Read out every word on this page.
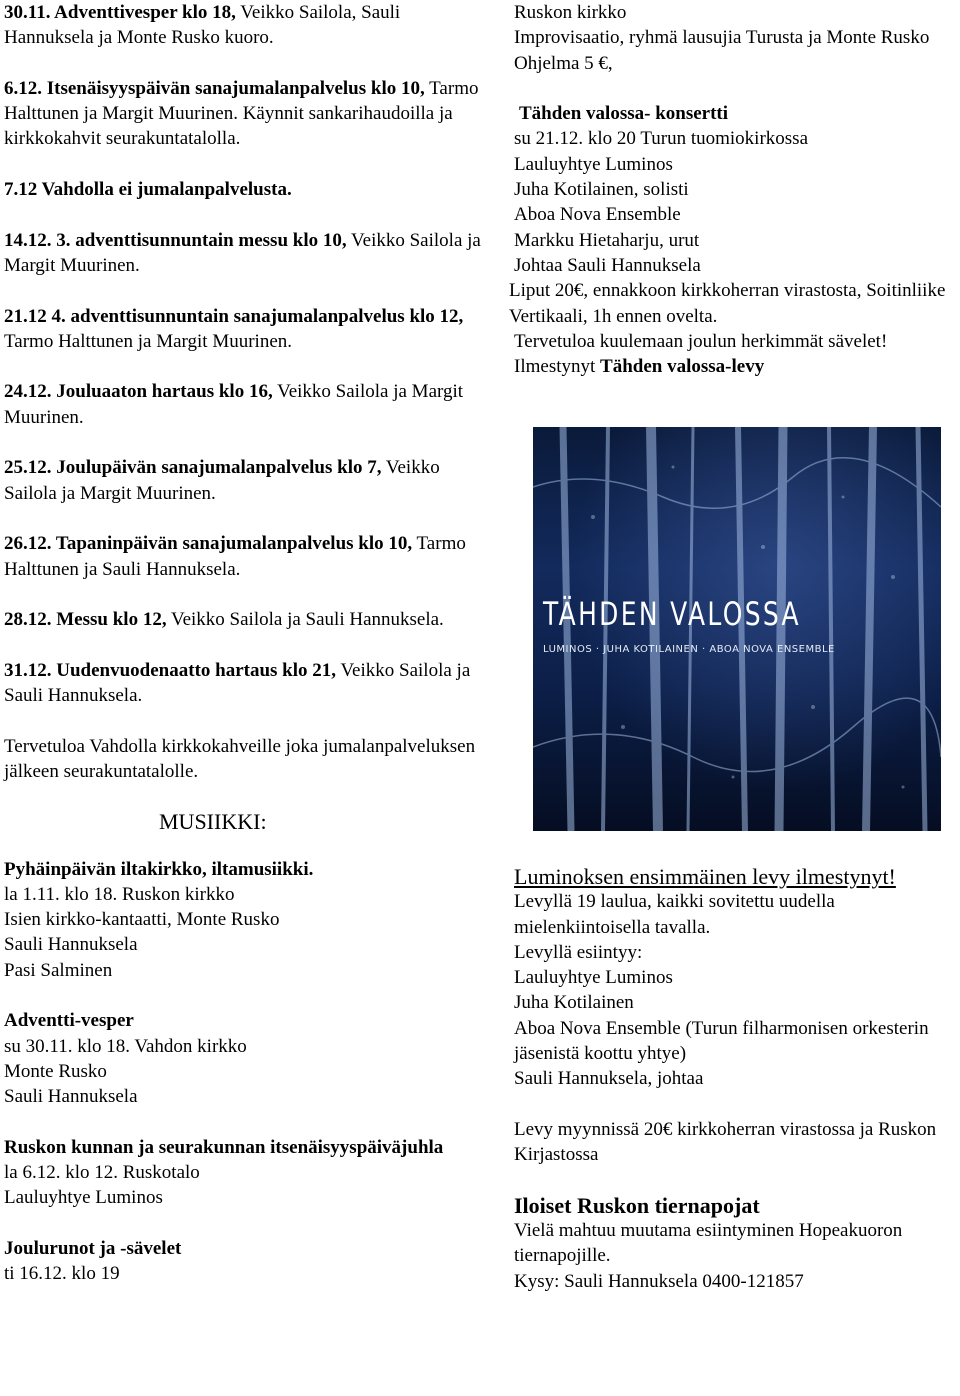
30.11. Adventtivesper klo 18, Veikko Sailola, Sauli Hannuksela ja Monte Rusko kuoro.

6.12. Itsenäisyyspäivän sanajumalanpalvelus klo 10, Tarmo Halttunen ja Margit Muurinen. Käynnit sankarihaudoilla ja kirkkokahvit seurakuntatalolla.

7.12 Vahdolla ei jumalanpalvelusta.

14.12. 3. adventtisunnuntain messu klo 10, Veikko Sailola ja Margit Muurinen.

21.12 4. adventtisunnuntain sanajumalanpalvelus klo 12, Tarmo Halttunen ja Margit Muurinen.

24.12. Jouluaaton hartaus klo 16, Veikko Sailola ja Margit Muurinen.

25.12. Joulupäivän sanajumalanpalvelus klo 7, Veikko Sailola ja Margit Muurinen.

26.12. Tapaninpäivän sanajumalanpalvelus klo 10, Tarmo Halttunen ja Sauli Hannuksela.

28.12. Messu klo 12, Veikko Sailola ja Sauli Hannuksela.

31.12. Uudenvuodenaatto hartaus klo 21, Veikko Sailola ja Sauli Hannuksela.

Tervetuloa Vahdolla kirkkokahveille joka jumalanpalveluksen jälkeen seurakuntatalolle.

MUSIIKKI:

Pyhäinpäivän iltakirkko, iltamusiikki.

la 1.11. klo 18. Ruskon kirkko

Isien kirkko-kantaatti, Monte Rusko

Sauli Hannuksela

Pasi Salminen

Adventti-vesper

su 30.11. klo 18. Vahdon kirkko

Monte Rusko

Sauli Hannuksela

Ruskon kunnan ja seurakunnan itsenäisyyspäiväjuhla

la 6.12. klo 12. Ruskotalo

Lauluyhtye Luminos

Joulurunot ja -sävelet

ti 16.12. klo 19

Ruskon kirkko

Improvisaatio, ryhmä lausujia Turusta ja Monte Rusko

Ohjelma 5 €,

Tähden valossa- konsertti

su 21.12. klo 20 Turun tuomiokirkossa

Lauluyhtye Luminos

Juha Kotilainen, solisti

Aboa Nova Ensemble

Markku Hietaharju, urut

Johtaa Sauli Hannuksela

Liput 20€, ennakkoon kirkkoherran virastosta, Soitinliike Vertikaali, 1h ennen ovelta.

Tervetuloa kuulemaan joulun herkimmät sävelet!

Ilmestynyt Tähden valossa-levy

TÄHDEN VALOSSA
LUMINOS · JUHA KOTILAINEN · ABOA NOVA ENSEMBLE

Luminoksen ensimmäinen levy ilmestynyt!

Levyllä 19 laulua, kaikki sovitettu uudella mielenkiintoisella tavalla.

Levyllä esiintyy:

Lauluyhtye Luminos

Juha Kotilainen

Aboa Nova Ensemble (Turun filharmonisen orkesterin jäsenistä koottu yhtye)

Sauli Hannuksela, johtaa

Levy myynnissä 20€ kirkkoherran virastossa ja Ruskon Kirjastossa

Iloiset Ruskon tiernapojat

Vielä mahtuu muutama esiintyminen Hopeakuoron tiernapojille.

Kysy: Sauli Hannuksela 0400-121857
